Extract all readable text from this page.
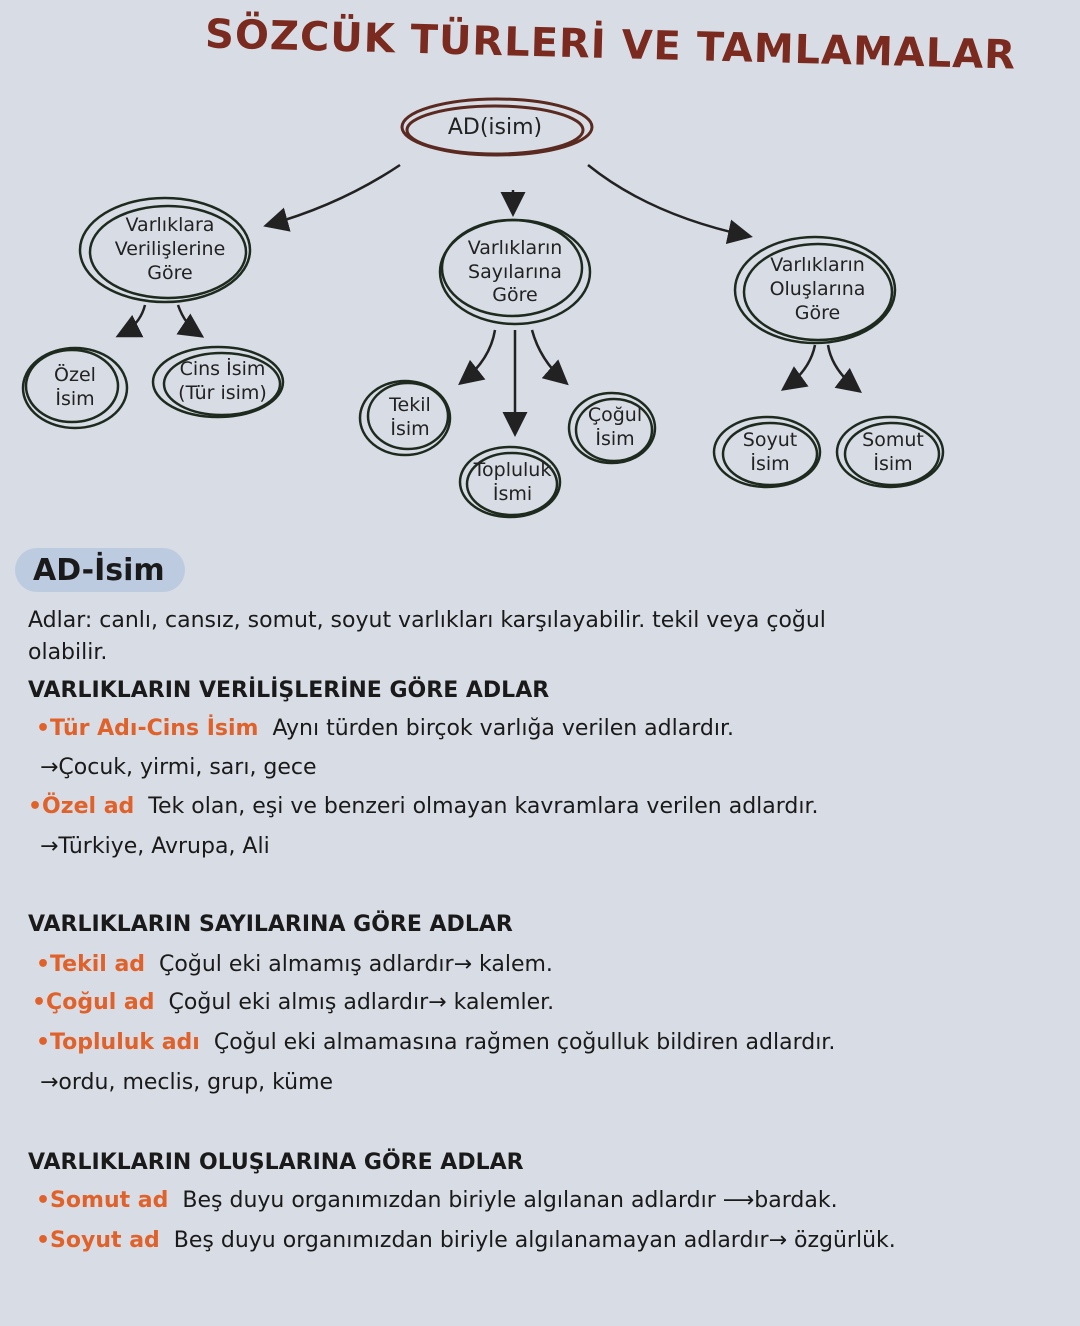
SÖZCÜK TÜRLERİ VE TAMLAMALAR
AD(isim)
Varlıklara Verilişlerine Göre
Varlıkların Sayılarına Göre
Varlıkların Oluşlarına Göre
Özel İsim
Cins İsim (Tür isim)
Tekil İsim
Topluluk İsmi
Çoğul İsim	Soyut İsim
Somut İsim
AD-İsim
Adlar: canlı, cansız, somut, soyut varlıkları karşılayabilir. tekil veya çoğul
olabilir.
VARLIKLARIN VERİLİŞLERİNE GÖRE ADLAR
•Tür Adı-Cins İsim Aynı türden birçok varlığa verilen adlardır.
→Çocuk, yirmi, sarı, gece
•Özel ad Tek olan, eşi ve benzeri olmayan kavramlara verilen adlardır.
→Türkiye, Avrupa, Ali
VARLIKLARIN SAYILARINA GÖRE ADLAR
•Tekil ad Çoğul eki almamış adlardır→ kalem.
•Çoğul ad Çoğul eki almış adlardır→ kalemler.
•Topluluk adı Çoğul eki almamasına rağmen çoğulluk bildiren adlardır.
→ordu, meclis, grup, küme
VARLIKLARIN OLUŞLARINA GÖRE ADLAR
•Somut ad Beş duyu organımızdan biriyle algılanan adlardır ⟶bardak.
•Soyut ad Beş duyu organımızdan biriyle algılanamayan adlardır→ özgürlük.
